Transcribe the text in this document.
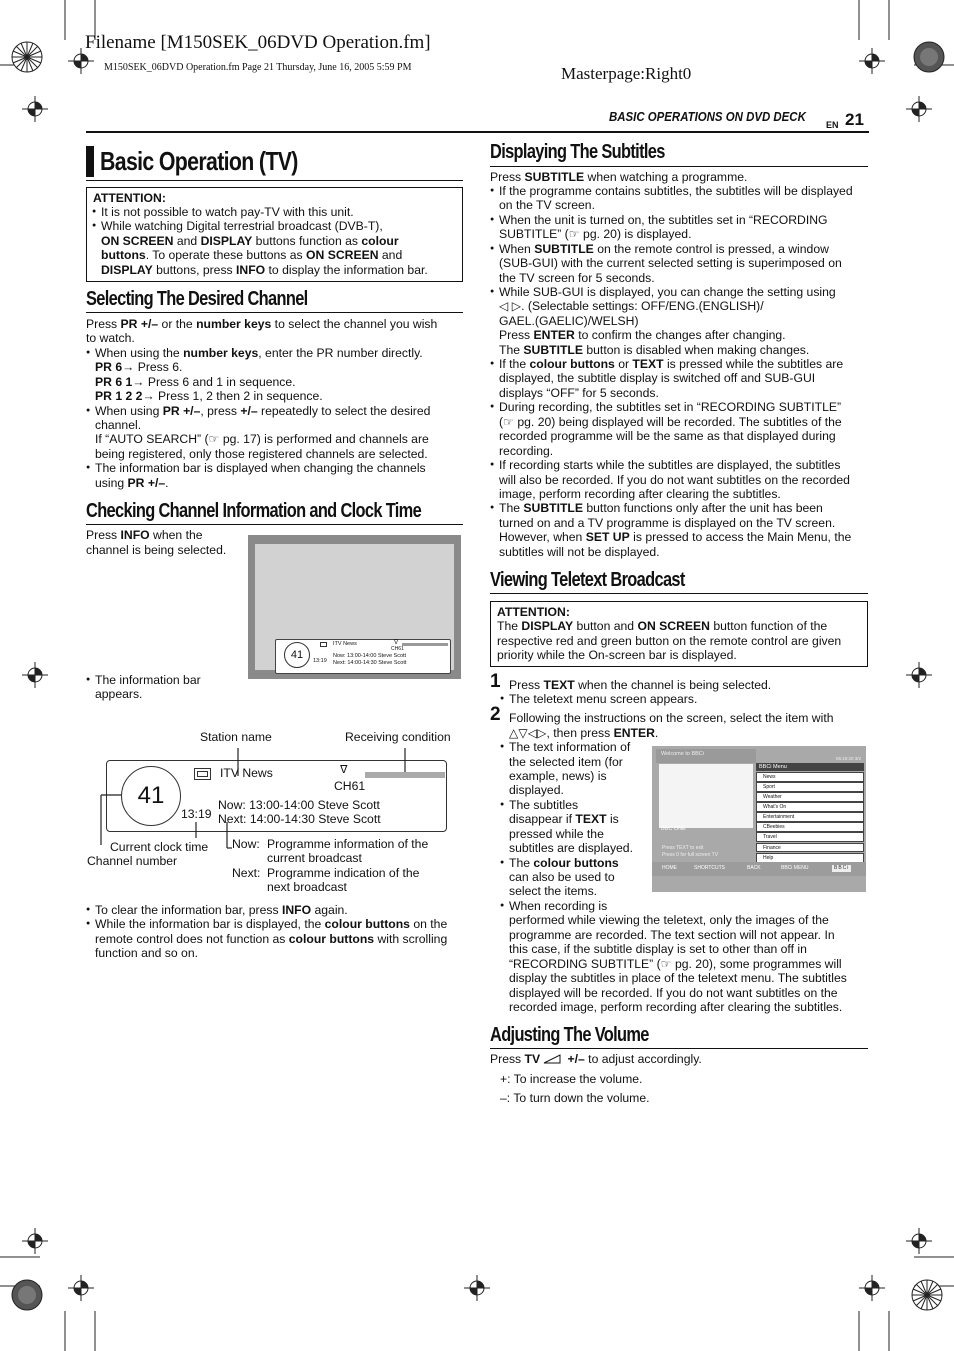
Filename [M150SEK_06DVD Operation.fm]
M150SEK_06DVD Operation.fm Page 21 Thursday, June 16, 2005 5:59 PM	Masterpage:Right0
BASIC OPERATIONS ON DVD DECK
EN 21
Basic Operation (TV)
ATTENTION:
● It is not possible to watch pay-TV with this unit.
● While watching Digital terrestrial broadcast (DVB-T),
ON SCREEN and DISPLAY buttons function as colour
buttons. To operate these buttons as ON SCREEN and
DISPLAY buttons, press INFO to display the information bar.
Selecting The Desired Channel
Press PR +/– or the number keys to select the channel you wish
to watch.
● When using the number keys, enter the PR number directly.
PR 6→ Press 6.
PR 6 1→ Press 6 and 1 in sequence.
PR 1 2 2→ Press 1, 2 then 2 in sequence.
● When using PR +/–, press +/– repeatedly to select the desired
channel.
If “AUTO SEARCH” (☞ pg. 17) is performed and channels are
being registered, only those registered channels are selected.
● The information bar is displayed when changing the channels
using PR +/–.
Checking Channel Information and Clock Time
Press INFO when the
channel is being selected.
41
ITV News	ᐁ
CH61
13:19
Now: 13:00-14:00 Steve Scott
Next: 14:00-14:30 Steve Scott
● The information bar
appears.
Station name	Receiving condition
41
ITV News	ᐁ
CH61
13:19
Now: 13:00-14:00 Steve Scott
Next: 14:00-14:30 Steve Scott
Current clock time
Channel number
Now: Programme information of the
current broadcast
Next: Programme indication of the
next broadcast
● To clear the information bar, press INFO again.
● While the information bar is displayed, the colour buttons on the
remote control does not function as colour buttons with scrolling
function and so on.
Displaying The Subtitles
Press SUBTITLE when watching a programme.
● If the programme contains subtitles, the subtitles will be displayed
on the TV screen.
● When the unit is turned on, the subtitles set in “RECORDING
SUBTITLE” (☞ pg. 20) is displayed.
● When SUBTITLE on the remote control is pressed, a window
(SUB-GUI) with the current selected setting is superimposed on
the TV screen for 5 seconds.
● While SUB-GUI is displayed, you can change the setting using
◁ ▷. (Selectable settings: OFF/ENG.(ENGLISH)/
GAEL.(GAELIC)/WELSH)
Press ENTER to confirm the changes after changing.
The SUBTITLE button is disabled when making changes.
● If the colour buttons or TEXT is pressed while the subtitles are
displayed, the subtitle display is switched off and SUB-GUI
displays “OFF” for 5 seconds.
● During recording, the subtitles set in “RECORDING SUBTITLE”
(☞ pg. 20) being displayed will be recorded. The subtitles of the
recorded programme will be the same as that displayed during
recording.
● If recording starts while the subtitles are displayed, the subtitles
will also be recorded. If you do not want subtitles on the recorded
image, perform recording after clearing the subtitles.
● The SUBTITLE button functions only after the unit has been
turned on and a TV programme is displayed on the TV screen.
However, when SET UP is pressed to access the Main Menu, the
subtitles will not be displayed.
Viewing Teletext Broadcast
ATTENTION:
The DISPLAY button and ON SCREEN button function of the
respective red and green button on the remote control are given
priority while the On-screen bar is displayed.
1 Press TEXT when the channel is being selected.
● The teletext menu screen appears.
2 Following the instructions on the screen, select the item with
△▽◁▷, then press ENTER.
● The text information of
the selected item (for
example, news) is
displayed.
● The subtitles
disappear if TEXT is
pressed while the
subtitles are displayed.
● The colour buttons
can also be used to
select the items.
● When recording is
performed while viewing the teletext, only the images of the
programme are recorded. The text section will not appear. In
this case, if the subtitle display is set to other than off in
“RECORDING SUBTITLE” (☞ pg. 20), some programmes will
display the subtitles in place of the teletext menu. The subtitles
displayed will be recorded. If you do not want subtitles on the
recorded image, perform recording after clearing the subtitles.
Welcome to BBCi
06:19:20 3/2
BBC ONE
Press TEXT to exit
Press 0 for full screen TV
BBCi Menu
News
Sport
Weather
What's On
Entertainment
CBeebies
Travel
Finance
Help
HOME	SHORTCUTS	BACK	BBCi MENU	BBCi
Adjusting The Volume
Press TV +/– to adjust accordingly.
+: To increase the volume.
–: To turn down the volume.
